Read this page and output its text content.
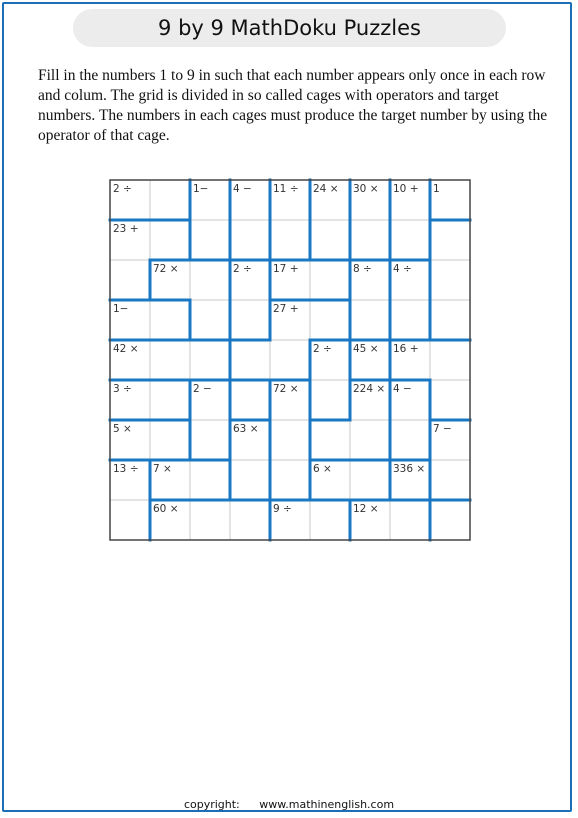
9 by 9 MathDoku Puzzles

Fill in the numbers 1 to 9 in such that each number appears only once in each row and colum. The grid is divided in so called cages with operators and target numbers. The numbers in each cages must produce the target number by using the operator of that cage.

2 ÷	1− 4 − 11 ÷ 24 × 30 × 10 + 1
23 +
72 ×	2 ÷ 17 +	8 ÷ 4 ÷
1−	27 +
16 +
42 ×	2 ÷ 45 ×
3 ÷	2 −	72 ×	224 × 4 −
5 ×	63 ×	7 −
13 ÷ 7 ×	6 ×	336 ×
60 ×	9 ÷	12 ×
copyright: www.mathinenglish.com
